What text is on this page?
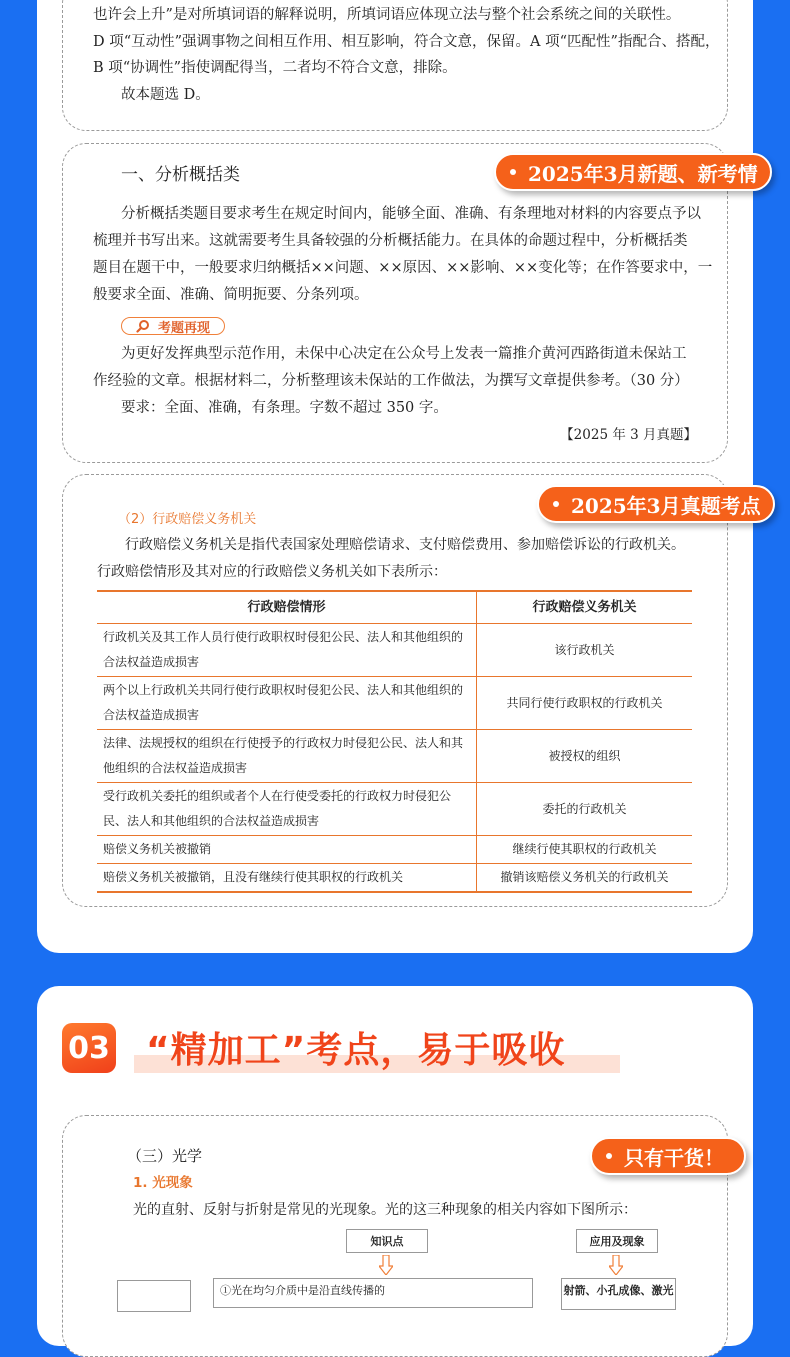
也许会上升”是对所填词语的解释说明，所填词语应体现立法与整个社会系统之间的关联性。
D 项“互动性”强调事物之间相互作用、相互影响，符合文意，保留。A 项“匹配性”指配合、搭配，
B 项“协调性”指使调配得当，二者均不符合文意，排除。
故本题选 D。
一、分析概括类	2025年3月新题、新考情
分析概括类题目要求考生在规定时间内，能够全面、准确、有条理地对材料的内容要点予以
梳理并书写出来。这就需要考生具备较强的分析概括能力。在具体的命题过程中，分析概括类
题目在题干中，一般要求归纳概括××问题、××原因、××影响、××变化等；在作答要求中，一
般要求全面、准确、简明扼要、分条列项。
考题再现
为更好发挥典型示范作用，未保中心决定在公众号上发表一篇推介黄河西路街道未保站工
作经验的文章。根据材料二，分析整理该未保站的工作做法，为撰写文章提供参考。（30 分）
要求：全面、准确，有条理。字数不超过 350 字。
【2025 年 3 月真题】
2025年3月真题考点
（2）行政赔偿义务机关
行政赔偿义务机关是指代表国家处理赔偿请求、支付赔偿费用、参加赔偿诉讼的行政机关。
行政赔偿情形及其对应的行政赔偿义务机关如下表所示：
行政赔偿情形	行政赔偿义务机关
行政机关及其工作人员行使行政职权时侵犯公民、法人和其他组织的合法权益造成损害	该行政机关
两个以上行政机关共同行使行政职权时侵犯公民、法人和其他组织的合法权益造成损害	共同行使行政职权的行政机关
法律、法规授权的组织在行使授予的行政权力时侵犯公民、法人和其他组织的合法权益造成损害	被授权的组织
受行政机关委托的组织或者个人在行使受委托的行政权力时侵犯公民、法人和其他组织的合法权益造成损害	委托的行政机关
赔偿义务机关被撤销	继续行使其职权的行政机关
赔偿义务机关被撤销，且没有继续行使其职权的行政机关	撤销该赔偿义务机关的行政机关
03 “精加工”考点，易于吸收
只有干货！
（三）光学
1. 光现象
光的直射、反射与折射是常见的光现象。光的这三种现象的相关内容如下图所示：
知识点	应用及现象
①光在均匀介质中是沿直线传播的	射箭、小孔成像、激光
